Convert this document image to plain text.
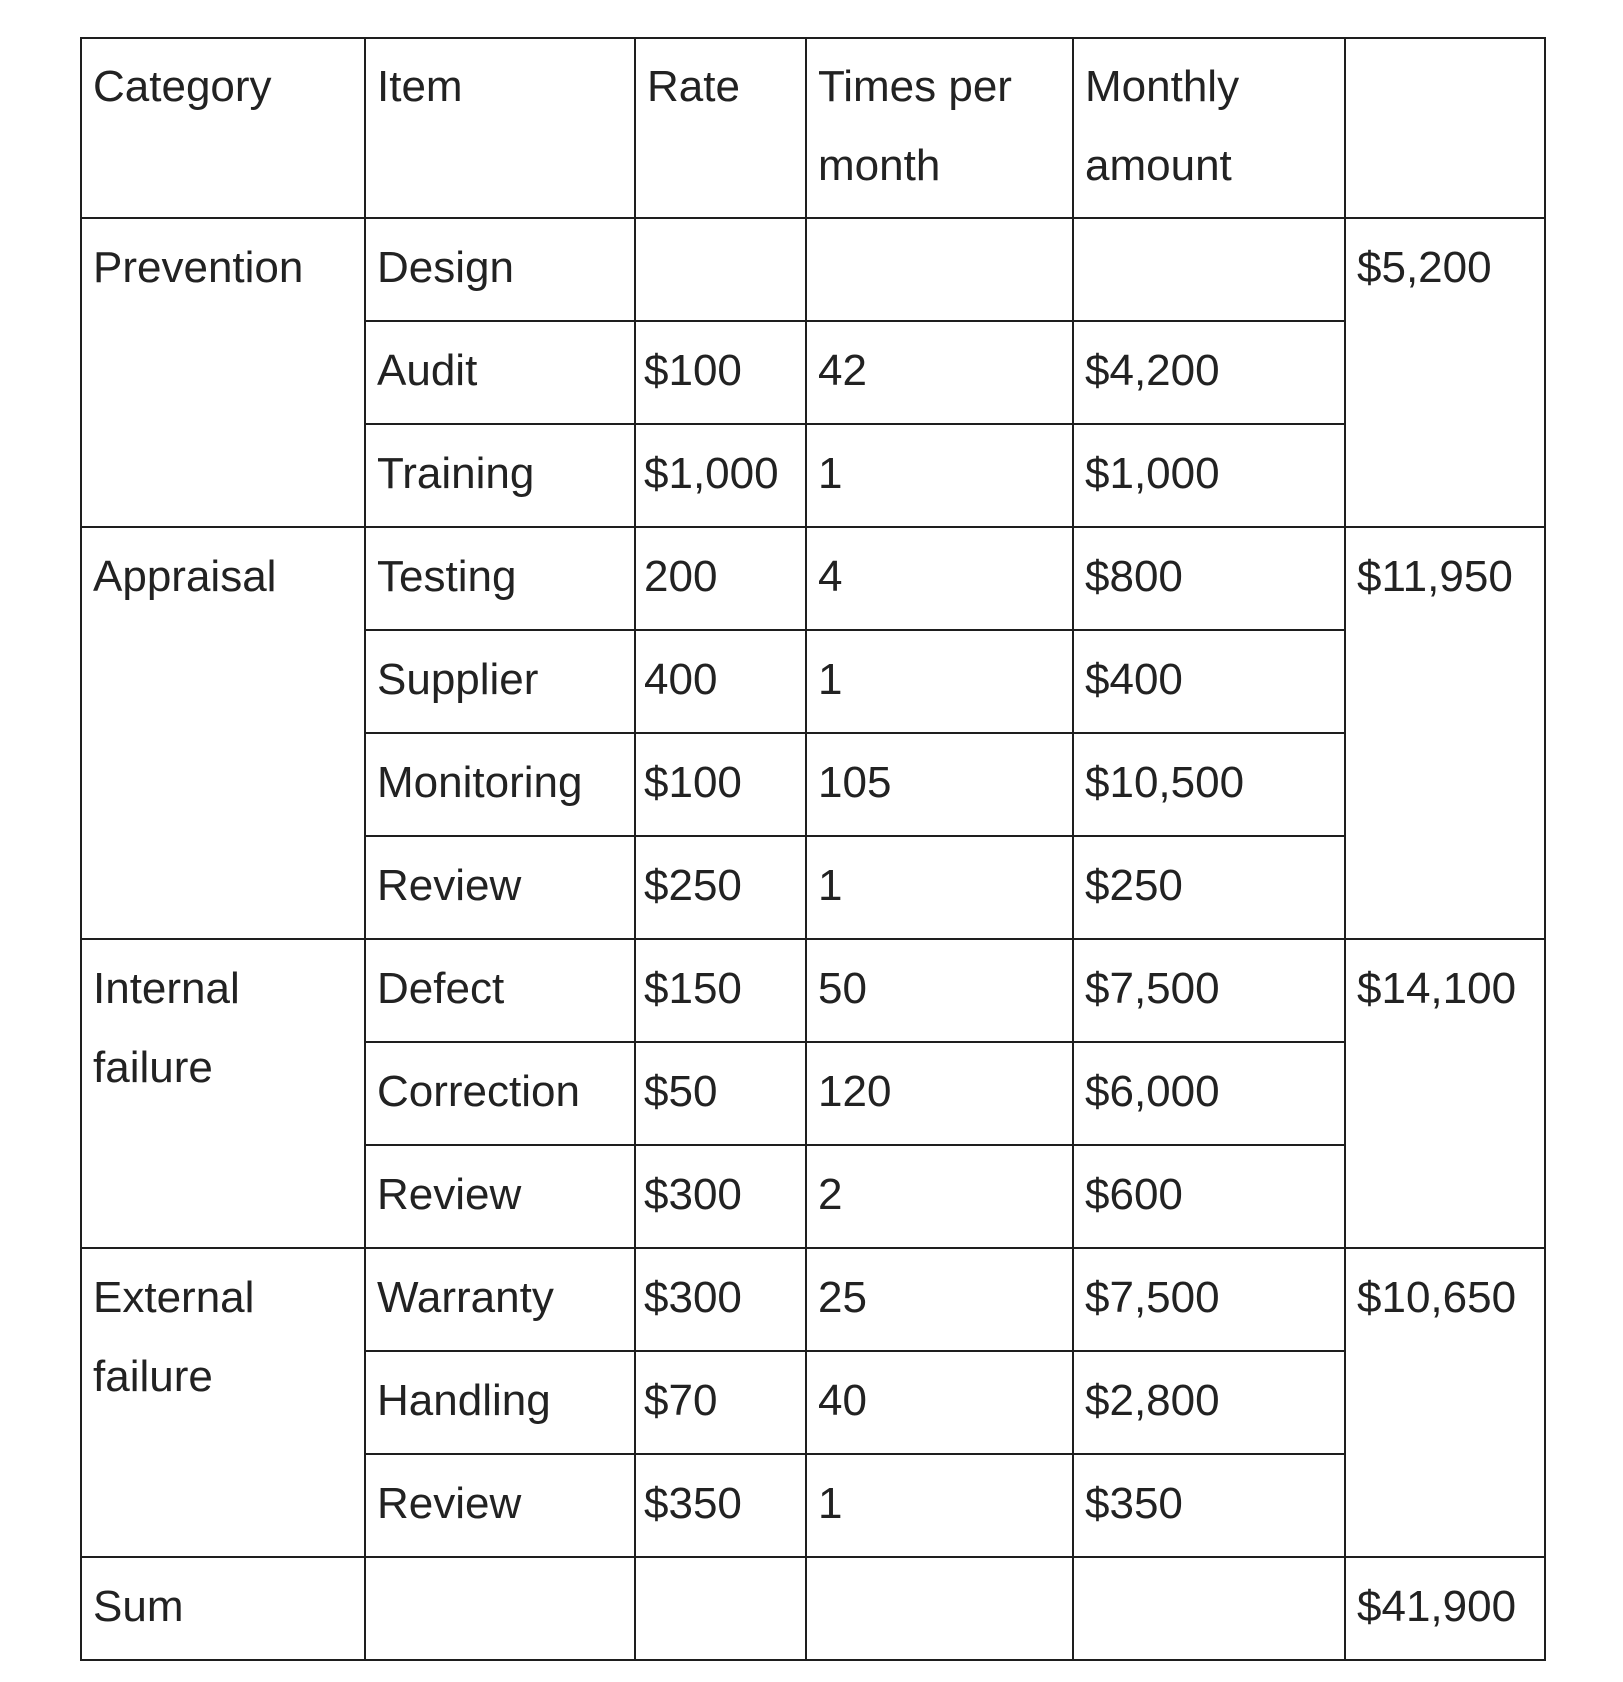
Category	Item	Rate	Times per month	Monthly amount	
Prevention	Design				$5,200
	Audit	$100	42	$4,200	
	Training	$1,000	1	$1,000	
Appraisal	Testing	200	4	$800	$11,950
	Supplier	400	1	$400	
	Monitoring	$100	105	$10,500	
	Review	$250	1	$250	
Internal failure	Defect	$150	50	$7,500	$14,100
	Correction	$50	120	$6,000	
	Review	$300	2	$600	
External failure	Warranty	$300	25	$7,500	$10,650
	Handling	$70	40	$2,800	
	Review	$350	1	$350	
Sum					$41,900
